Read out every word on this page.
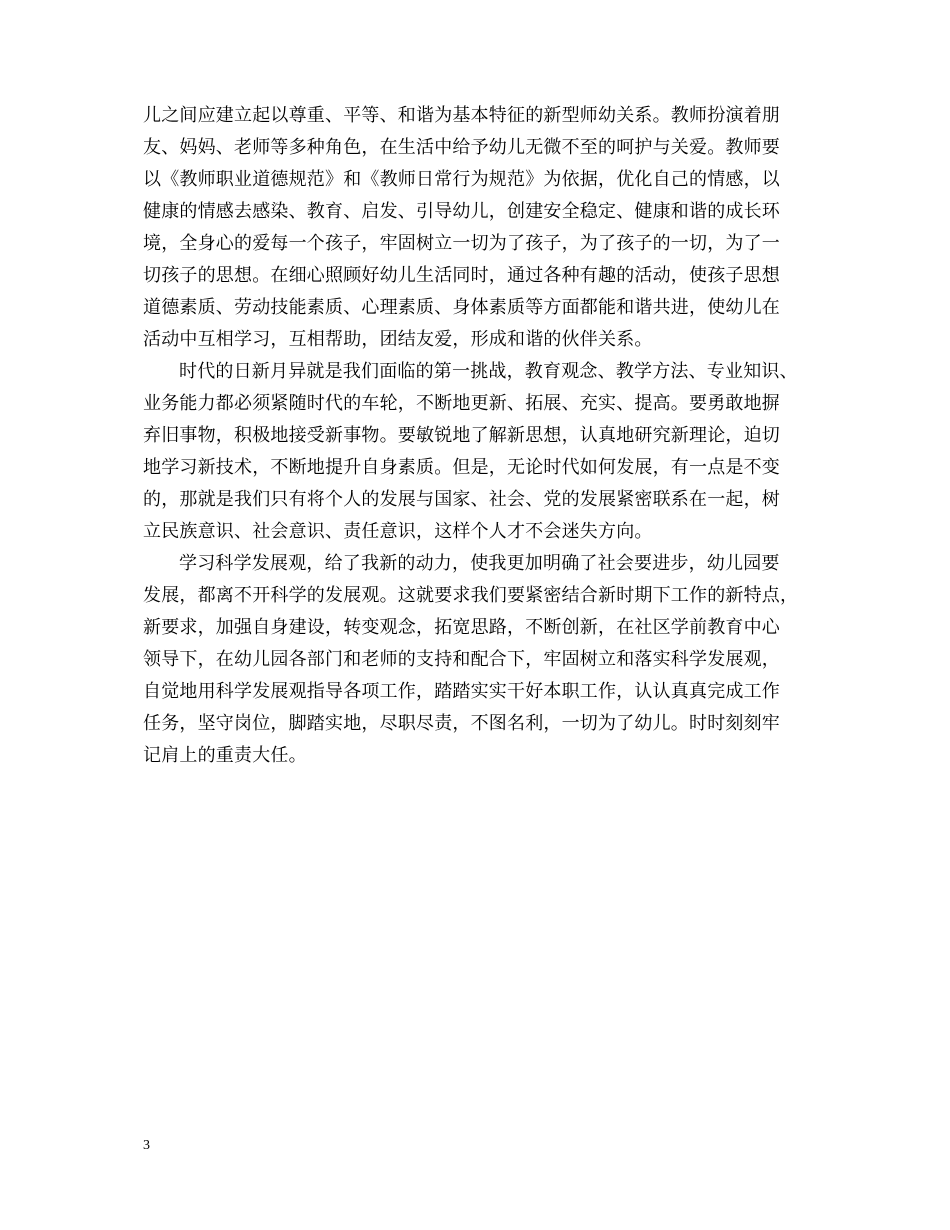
儿之间应建立起以尊重、平等、和谐为基本特征的新型师幼关系。教师扮演着朋
友、妈妈、老师等多种角色，在生活中给予幼儿无微不至的呵护与关爱。教师要
以《教师职业道德规范》和《教师日常行为规范》为依据，优化自己的情感，以
健康的情感去感染、教育、启发、引导幼儿，创建安全稳定、健康和谐的成长环
境，全身心的爱每一个孩子，牢固树立一切为了孩子，为了孩子的一切，为了一
切孩子的思想。在细心照顾好幼儿生活同时，通过各种有趣的活动，使孩子思想
道德素质、劳动技能素质、心理素质、身体素质等方面都能和谐共进，使幼儿在
活动中互相学习，互相帮助，团结友爱，形成和谐的伙伴关系。
时代的日新月异就是我们面临的第一挑战，教育观念、教学方法、专业知识、
业务能力都必须紧随时代的车轮，不断地更新、拓展、充实、提高。要勇敢地摒
弃旧事物，积极地接受新事物。要敏锐地了解新思想，认真地研究新理论，迫切
地学习新技术，不断地提升自身素质。但是，无论时代如何发展，有一点是不变
的，那就是我们只有将个人的发展与国家、社会、党的发展紧密联系在一起，树
立民族意识、社会意识、责任意识，这样个人才不会迷失方向。
学习科学发展观，给了我新的动力，使我更加明确了社会要进步，幼儿园要
发展，都离不开科学的发展观。这就要求我们要紧密结合新时期下工作的新特点，
新要求，加强自身建设，转变观念，拓宽思路，不断创新，在社区学前教育中心
领导下，在幼儿园各部门和老师的支持和配合下，牢固树立和落实科学发展观，
自觉地用科学发展观指导各项工作，踏踏实实干好本职工作，认认真真完成工作
任务，坚守岗位，脚踏实地，尽职尽责，不图名利，一切为了幼儿。时时刻刻牢
记肩上的重责大任。
3
